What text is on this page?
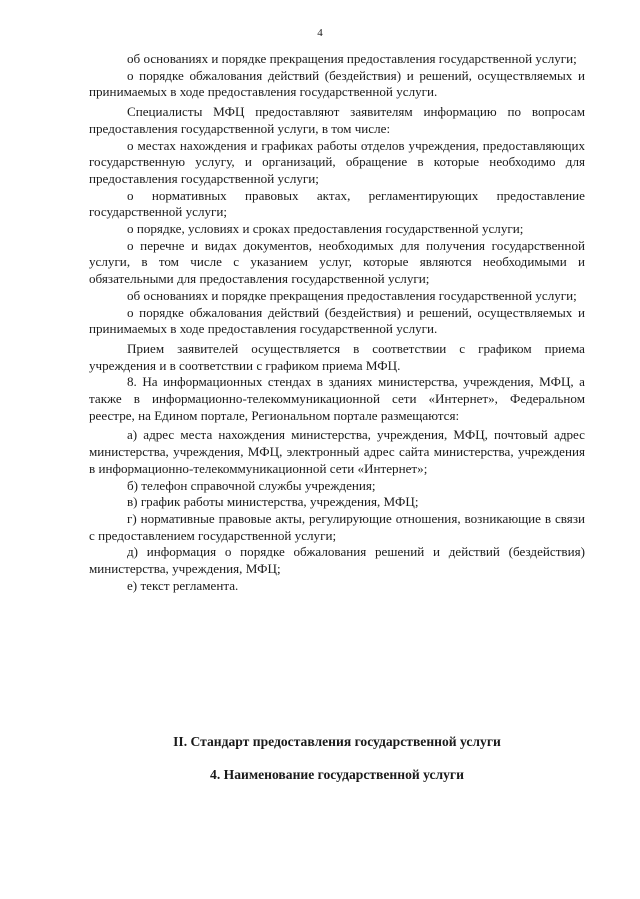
4

об основаниях и порядке прекращения предоставления государственной услуги;

о порядке обжалования действий (бездействия) и решений, осуществляемых и принимаемых в ходе предоставления государственной услуги.

Специалисты МФЦ предоставляют заявителям информацию по вопросам предоставления государственной услуги, в том числе:

о местах нахождения и графиках работы отделов учреждения, предоставляющих государственную услугу, и организаций, обращение в которые необходимо для предоставления государственной услуги;

о нормативных правовых актах, регламентирующих предоставление государственной услуги;

о порядке, условиях и сроках предоставления государственной услуги;

о перечне и видах документов, необходимых для получения государственной услуги, в том числе с указанием услуг, которые являются необходимыми и обязательными для предоставления государственной услуги;

об основаниях и порядке прекращения предоставления государственной услуги;

о порядке обжалования действий (бездействия) и решений, осуществляемых и принимаемых в ходе предоставления государственной услуги.

Прием заявителей осуществляется в соответствии с графиком приема учреждения и в соответствии с графиком приема МФЦ.

8. На информационных стендах в зданиях министерства, учреждения, МФЦ, а также в информационно-телекоммуникационной сети «Интернет», Федеральном реестре, на Едином портале, Региональном портале размещаются:

а) адрес места нахождения министерства, учреждения, МФЦ, почтовый адрес министерства, учреждения, МФЦ, электронный адрес сайта министерства, учреждения в информационно-телекоммуникационной сети «Интернет»;

б) телефон справочной службы учреждения;

в) график работы министерства, учреждения, МФЦ;

г) нормативные правовые акты, регулирующие отношения, возникающие в связи с предоставлением государственной услуги;

д) информация о порядке обжалования решений и действий (бездействия) министерства, учреждения, МФЦ;

е) текст регламента.

II. Стандарт предоставления государственной услуги

4. Наименование государственной услуги
